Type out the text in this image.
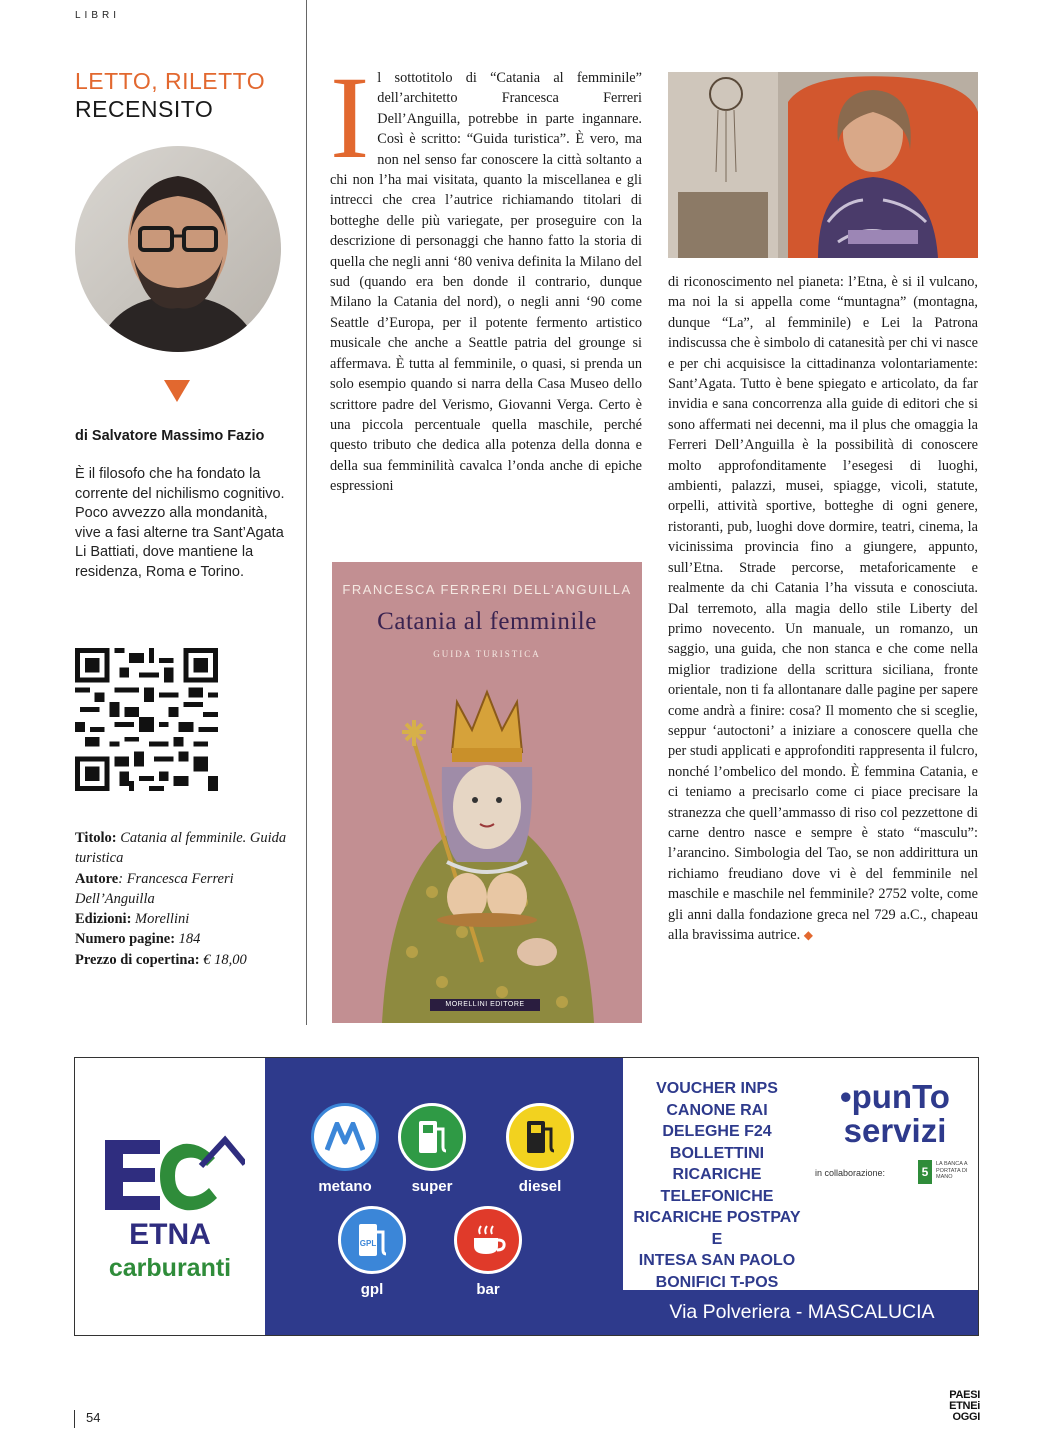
LIBRI
LETTO, RILETTO
RECENSITO
di Salvatore Massimo Fazio
È il filosofo che ha fondato la corrente del nichilismo cognitivo. Poco avvezzo alla mondanità, vive a fasi alterne tra Sant’Agata Li Battiati, dove mantiene la residenza, Roma e Torino.
Titolo: Catania al femminile. Guida turistica
Autore: Francesca Ferreri Dell’Anguilla
Edizioni: Morellini
Numero pagine: 184
Prezzo di copertina: € 18,00
Il sottotitolo di “Catania al femminile” dell’architetto Francesca Ferreri Dell’Anguilla, potrebbe in parte ingannare. Così è scritto: “Guida turistica”. È vero, ma non nel senso far conoscere la città soltanto a chi non l’ha mai visitata, quanto la miscellanea e gli intrecci che crea l’autrice richiamando titolari di botteghe delle più variegate, per proseguire con la descrizione di personaggi che hanno fatto la storia di quella che negli anni ‘80 veniva definita la Milano del sud (quando era ben donde il contrario, dunque Milano la Catania del nord), o negli anni ‘90 come Seattle d’Europa, per il potente fermento artistico musicale che anche a Seattle patria del grounge si affermava. È tutta al femminile, o quasi, si prenda un solo esempio quando si narra della Casa Museo dello scrittore padre del Verismo, Giovanni Verga. Certo è una piccola percentuale quella maschile, perché questo tributo che dedica alla potenza della donna e della sua femminilità cavalca l’onda anche di epiche espressioni
di riconoscimento nel pianeta: l’Etna, è si il vulcano, ma noi la si appella come “muntagna” (montagna, dunque “La”, al femminile) e Lei la Patrona indiscussa che è simbolo di catanesità per chi vi nasce e per chi acquisisce la cittadinanza volontariamente: Sant’Agata. Tutto è bene spiegato e articolato, da far invidia e sana concorrenza alla guide di editori che si sono affermati nei decenni, ma il plus che omaggia la Ferreri Dell’Anguilla è la possibilità di conoscere molto approfonditamente l’esegesi di luoghi, ambienti, palazzi, musei, spiagge, vicoli, statute, orpelli, attività sportive, botteghe di ogni genere, ristoranti, pub, luoghi dove dormire, teatri, cinema, la vicinissima provincia fino a giungere, appunto, sull’Etna. Strade percorse, metaforicamente e realmente da chi Catania l’ha vissuta e conosciuta. Dal terremoto, alla magia dello stile Liberty del primo novecento. Un manuale, un romanzo, un saggio, una guida, che non stanca e che come nella miglior tradizione della scrittura siciliana, fronte orientale, non ti fa allontanare dalle pagine per sapere come andrà a finire: cosa? Il momento che si sceglie, seppur ‘autoctoni’ a iniziare a conoscere quella che per studi applicati e approfonditi rappresenta il fulcro, nonché l’ombelico del mondo. È femmina Catania, e ci teniamo a precisarlo come ci piace precisare la stranezza che quell’ammasso di riso col pezzettone di carne dentro nasce e sempre è stato “masculu”: l’arancino. Simbologia del Tao, se non addirittura un richiamo freudiano dove vi è del femminile nel maschile e maschile nel femminile? 2752 volte, come gli anni dalla fondazione greca nel 729 a.C., chapeau alla bravissima autrice. ◆
FRANCESCA FERRERI DELL’ANGUILLA
Catania al femminile
GUIDA TURISTICA
MORELLINI EDITORE
ETNA
carburanti
metano	super	diesel
GPL
gpl	bar
VOUCHER INPS
CANONE RAI
DELEGHE F24
BOLLETTINI
RICARICHE
TELEFONICHE
RICARICHE POSTPAY E
INTESA SAN PAOLO
BONIFICI T-POS
•punTo
servizi
in collaborazione:	5
LA BANCA A PORTATA DI MANO
Via Polveriera - MASCALUCIA
54
PAESI
ETNEi
OGGI
